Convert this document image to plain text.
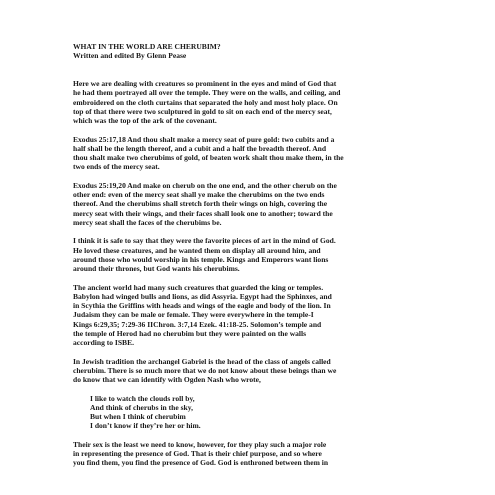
WHAT IN THE WORLD ARE CHERUBIM?
Written and edited By Glenn Pease
Here we are dealing with creatures so prominent in the eyes and mind of God that
he had them portrayed all over the temple. They were on the walls, and ceiling, and
embroidered on the cloth curtains that separated the holy and most holy place. On
top of that there were two sculptured in gold to sit on each end of the mercy seat,
which was the top of the ark of the covenant.
Exodus 25:17,18 And thou shalt make a mercy seat of pure gold: two cubits and a
half shall be the length thereof, and a cubit and a half the breadth thereof. And
thou shalt make two cherubims of gold, of beaten work shalt thou make them, in the
two ends of the mercy seat.
Exodus 25:19,20 And make on cherub on the one end, and the other cherub on the
other end: even of the mercy seat shall ye make the cherubims on the two ends
thereof. And the cherubims shall stretch forth their wings on high, covering the
mercy seat with their wings, and their faces shall look one to another; toward the
mercy seat shall the faces of the cherubims be.
I think it is safe to say that they were the favorite pieces of art in the mind of God.
He loved these creatures, and he wanted them on display all around him, and
around those who would worship in his temple. Kings and Emperors want lions
around their thrones, but God wants his cherubims.
The ancient world had many such creatures that guarded the king or temples.
Babylon had winged bulls and lions, as did Assyria. Egypt had the Sphinxes, and
in Scythia the Griffins with heads and wings of the eagle and body of the lion. In
Judaism they can be male or female. They were everywhere in the temple-I
Kings 6:29,35; 7:29-36 IIChron. 3:7,14 Ezek. 41:18-25. Solomon’s temple and
the temple of Herod had no cherubim but they were painted on the walls
according to ISBE.
In Jewish tradition the archangel Gabriel is the head of the class of angels called
cherubim. There is so much more that we do not know about these beings than we
do know that we can identify with Ogden Nash who wrote,
I like to watch the clouds roll by,
And think of cherubs in the sky,
But when I think of cherubim
I don’t know if they’re her or him.
Their sex is the least we need to know, however, for they play such a major role
in representing the presence of God. That is their chief purpose, and so where
you find them, you find the presence of God. God is enthroned between them in
